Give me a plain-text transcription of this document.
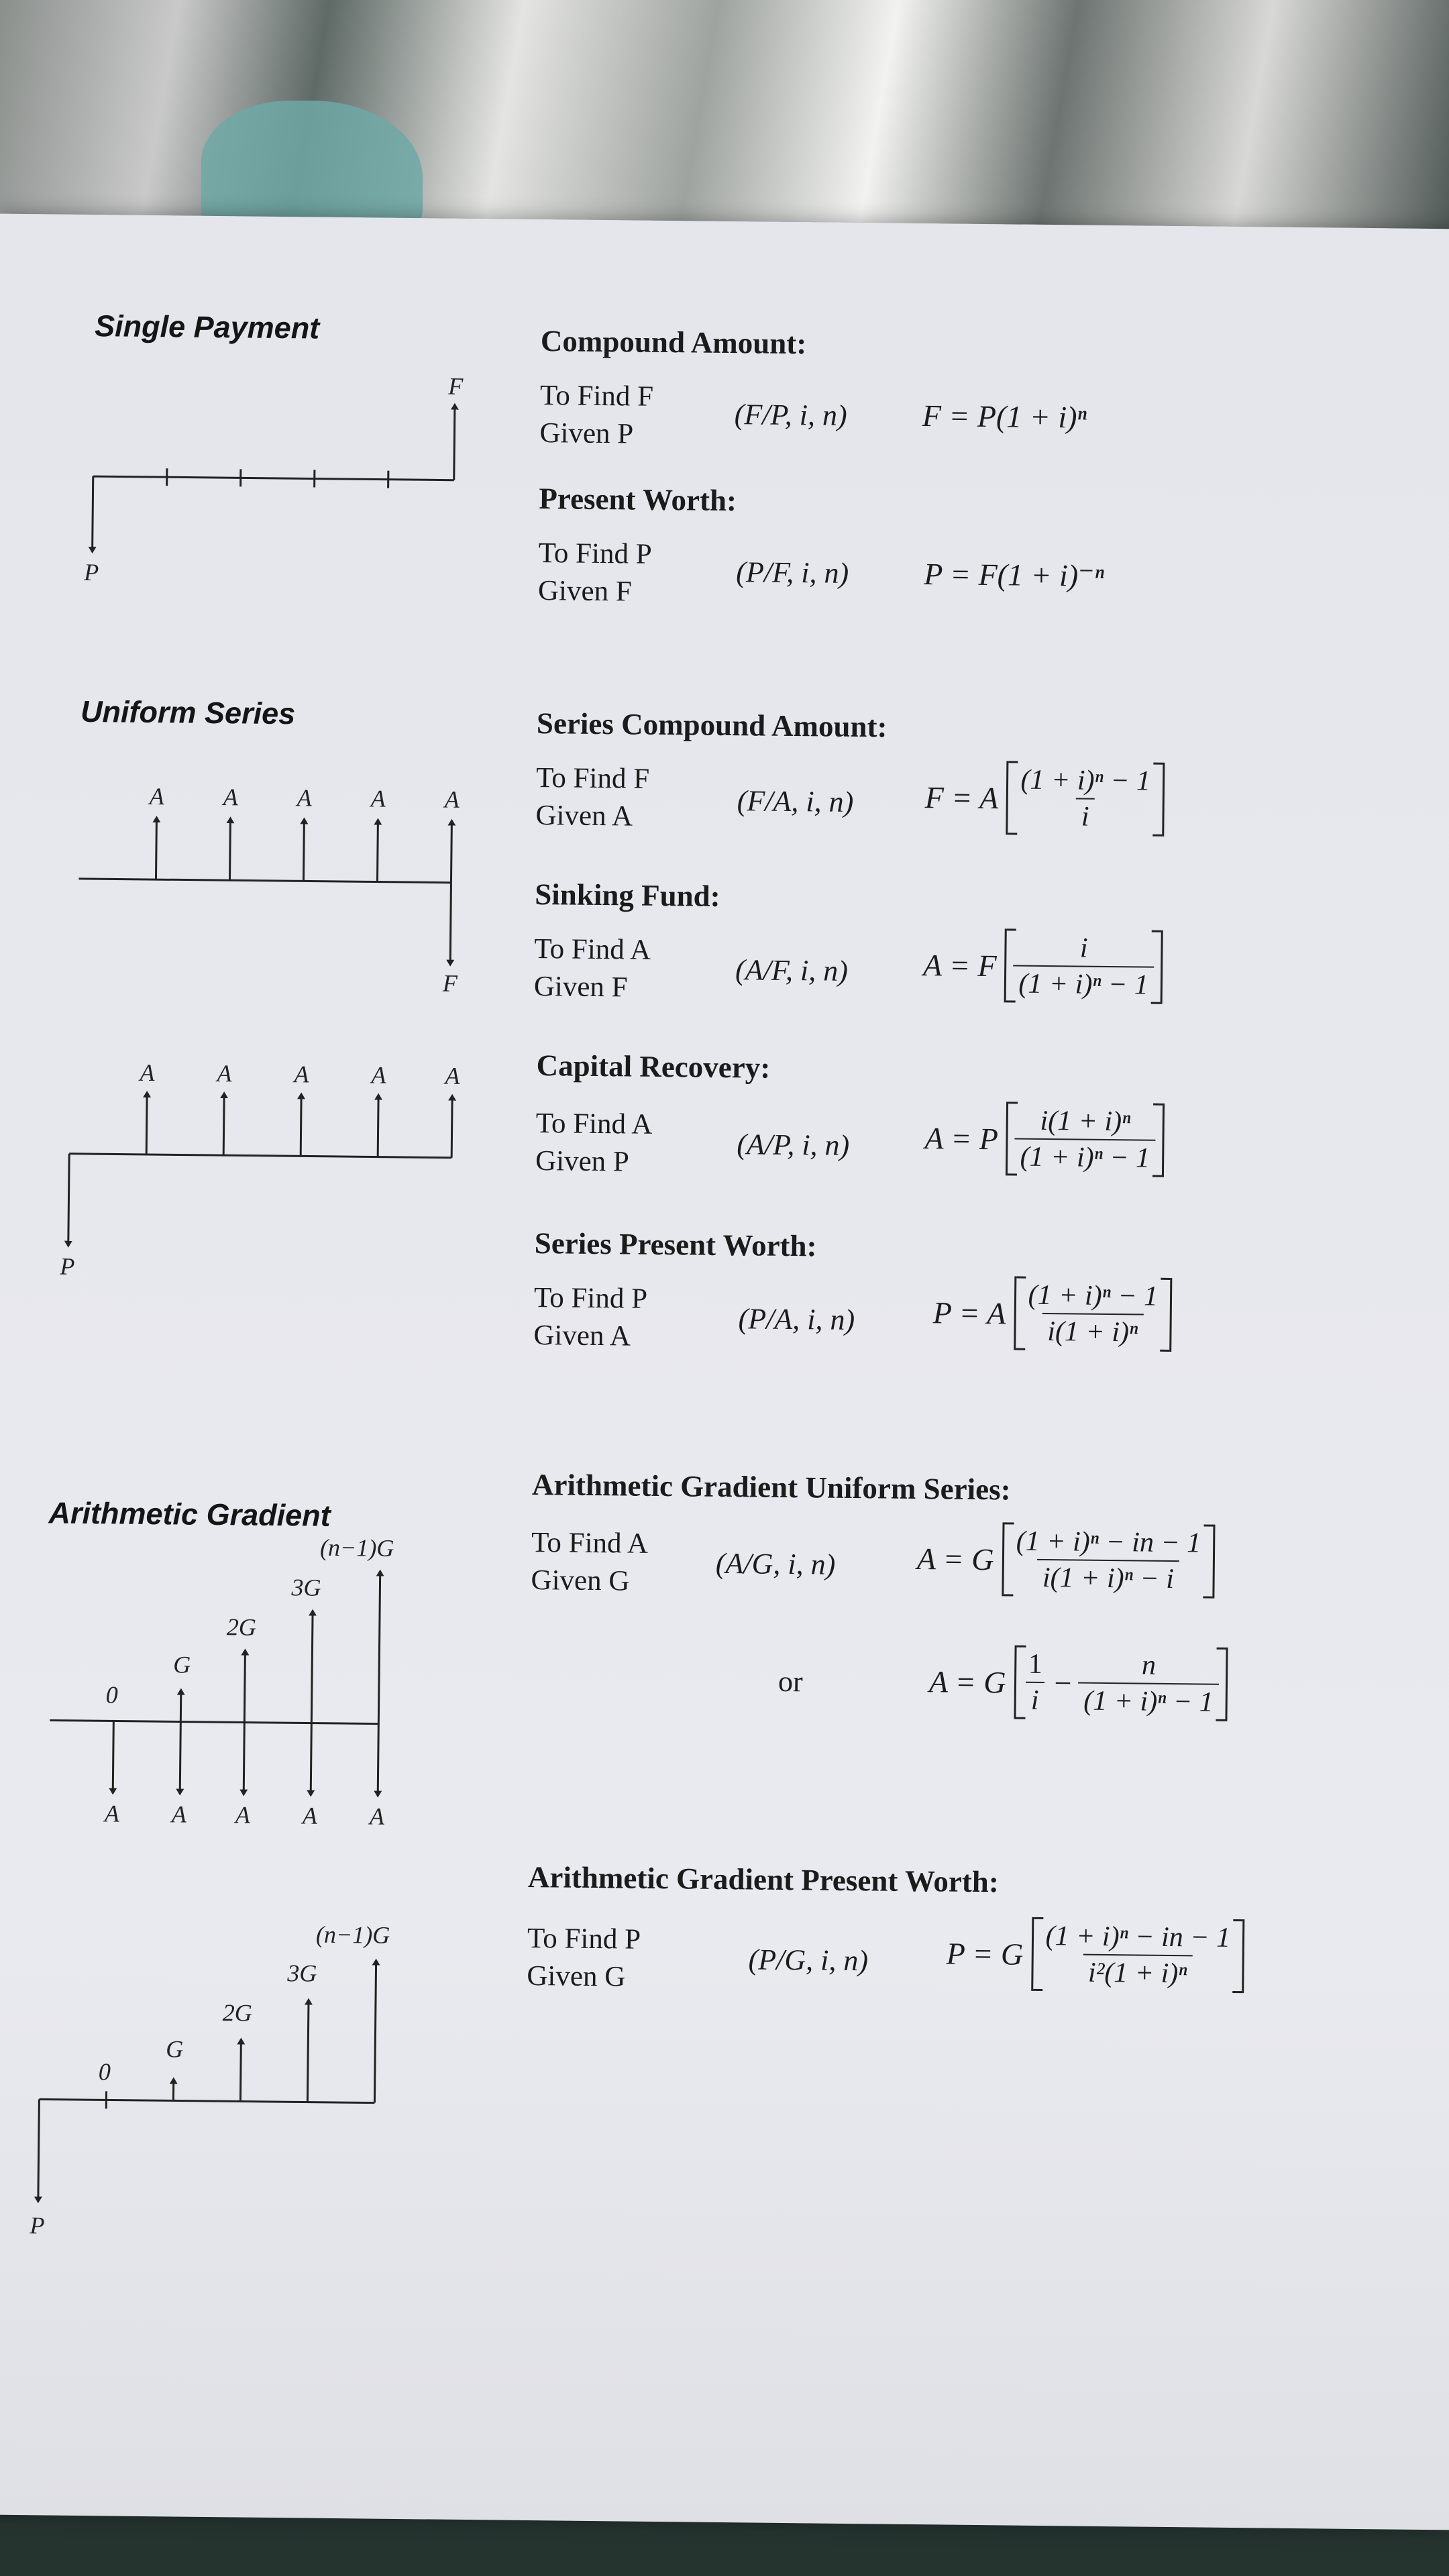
Single Payment
Uniform Series
Arithmetic Gradient
F
P
A A A A A
F
A	A	A	A A
P
0
G
2G
3G
(n−1)G
A A A A A
0
G
2G
3G
(n−1)G
P
Compound Amount:
To Find F
Given P
(F/P, i, n) F = P(1 + i)ⁿ
Present Worth:
To Find P
Given F
(P/F, i, n) P = F(1 + i)⁻ⁿ
Series Compound Amount:
To Find F
Given A	(F/A, i, n) F = A $\frac{\text{(1 + i)ⁿ − 1}}{i}$
Sinking Fund:
To Find A
Given F	(A/F, i, n) A = F $\frac{i}{\text{(1 + i)ⁿ − 1}}$
Capital Recovery:
To Find A
Given P	(A/P, i, n) A = P $\frac{\text{i(1 + i)ⁿ}}{\text{(1 + i)ⁿ − 1}}$
Series Present Worth:
To Find P
Given A	(P/A, i, n)	P = A $\frac{\text{(1 + i)ⁿ − 1}}{\text{i(1 + i)ⁿ}}$
Arithmetic Gradient Uniform Series:
To Find A
Given G	(A/G, i, n)	A = G $\frac{\text{(1 + i)ⁿ − in − 1}}{\text{i(1 + i)ⁿ − i}}$
or	A = G $\frac{1}{i} - \frac{n}{\text{(1 + i)ⁿ − 1}}$
Arithmetic Gradient Present Worth:
To Find P
Given G	(P/G, i, n)	P = G $\frac{\text{(1 + i)ⁿ − in − 1}}{\text{i²(1 + i)ⁿ}}$
